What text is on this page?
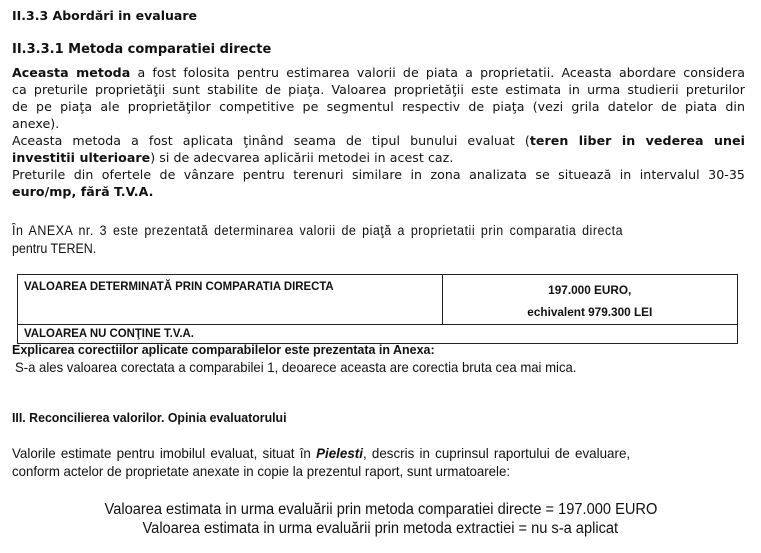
II.3.3 Abordări in evaluare
II.3.3.1 Metoda comparatiei directe
Aceasta metoda a fost folosita pentru estimarea valorii de piata a proprietatii. Aceasta abordare considera
ca preturile proprietăţii sunt stabilite de piaţa. Valoarea proprietăţii este estimata in urma studierii preturilor
de pe piaţa ale proprietăţilor competitive pe segmentul respectiv de piaţa (vezi grila datelor de piata din
anexe).
Aceasta metoda a fost aplicata ţinând seama de tipul bunului evaluat (teren liber in vederea unei
investitii ulterioare) si de adecvarea aplicării metodei in acest caz.
Preturile din ofertele de vânzare pentru terenuri similare in zona analizata se situează in intervalul 30-35
euro/mp, fără T.V.A.
În ANEXA nr. 3 este prezentată determinarea valorii de piaţă a proprietatii prin comparatia directa
pentru TEREN.
VALOAREA DETERMINATĂ PRIN COMPARATIA DIRECTA	197.000 EURO,
echivalent 979.300 LEI
VALOAREA NU CONŢINE T.V.A.
Explicarea corectiilor aplicate comparabilelor este prezentata in Anexa:
S-a ales valoarea corectata a comparabilei 1, deoarece aceasta are corectia bruta cea mai mica.
III. Reconcilierea valorilor. Opinia evaluatorului
Valorile estimate pentru imobilul evaluat, situat în Pielesti, descris in cuprinsul raportului de evaluare,
conform actelor de proprietate anexate in copie la prezentul raport, sunt urmatoarele:
Valoarea estimata in urma evaluării prin metoda comparatiei directe = 197.000 EURO
Valoarea estimata in urma evaluării prin metoda extractiei = nu s-a aplicat
